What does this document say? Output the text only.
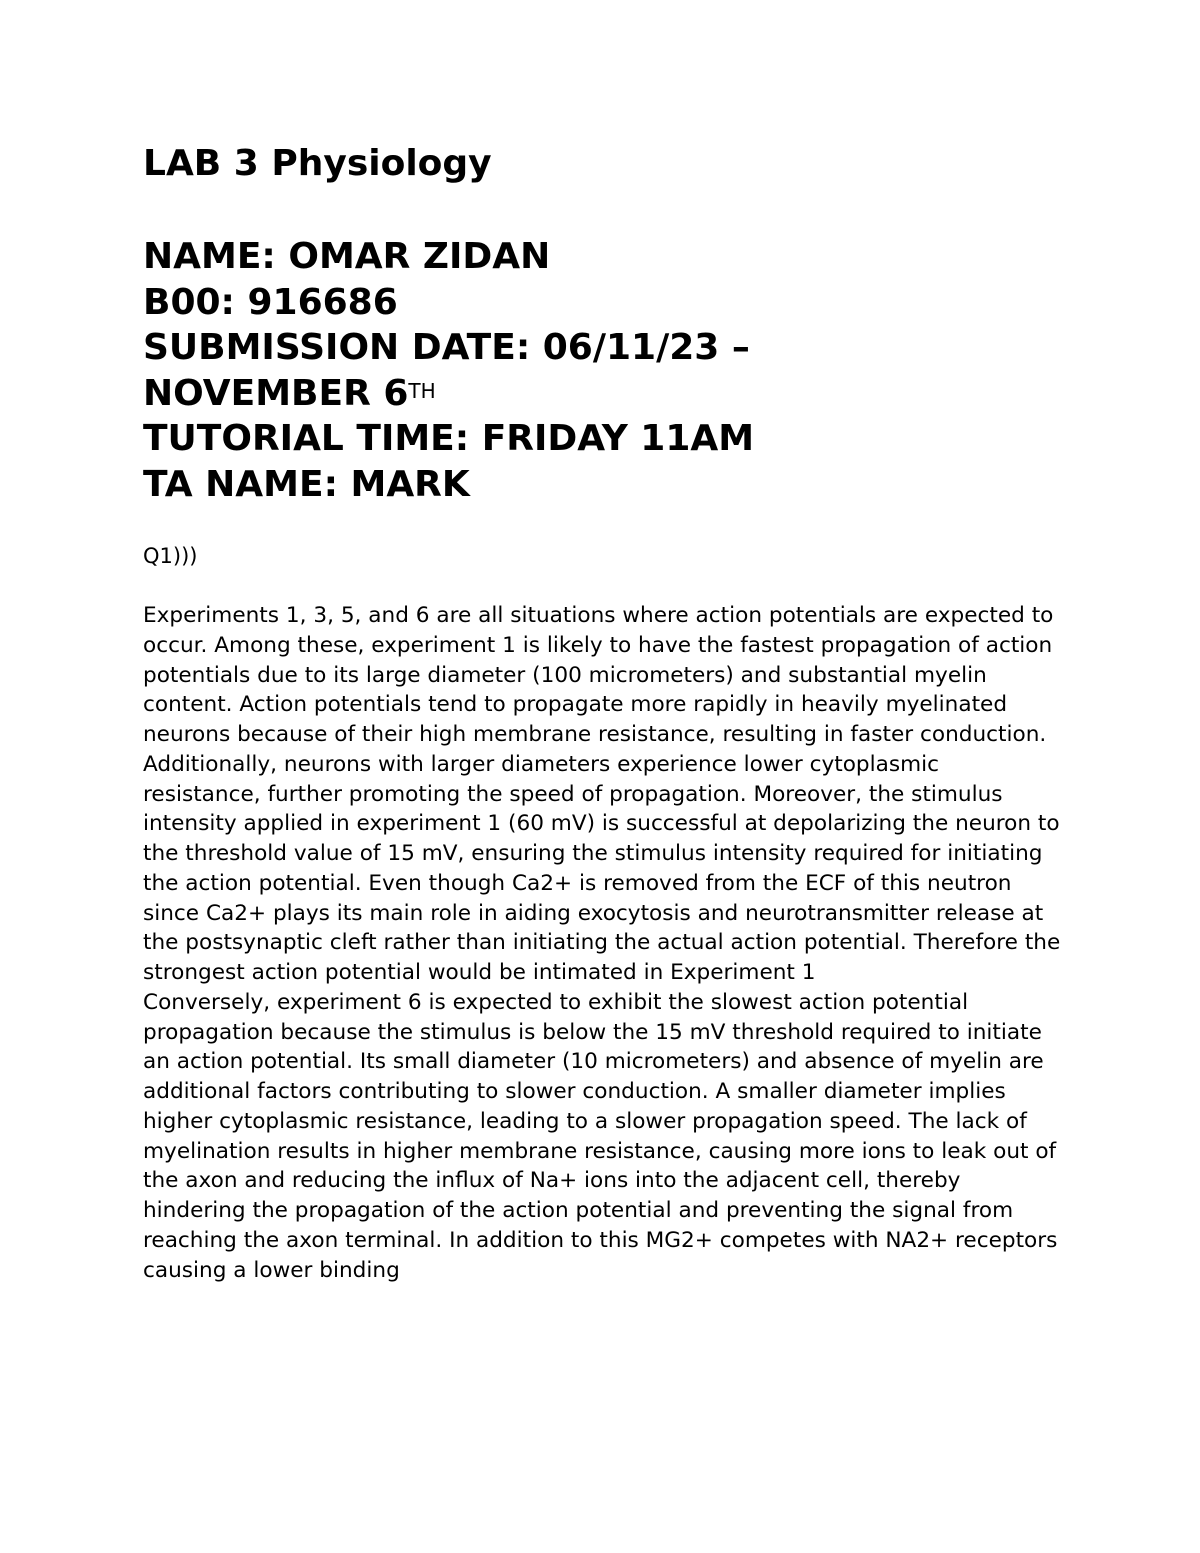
LAB 3 Physiology
NAME: OMAR ZIDAN
B00: 916686
SUBMISSION DATE: 06/11/23 –
NOVEMBER 6TH
TUTORIAL TIME: FRIDAY 11AM
TA NAME: MARK
Q1)))

Experiments 1, 3, 5, and 6 are all situations where action potentials are expected to occur. Among these, experiment 1 is likely to have the fastest propagation of action potentials due to its large diameter (100 micrometers) and substantial myelin content. Action potentials tend to propagate more rapidly in heavily myelinated neurons because of their high membrane resistance, resulting in faster conduction. Additionally, neurons with larger diameters experience lower cytoplasmic resistance, further promoting the speed of propagation. Moreover, the stimulus intensity applied in experiment 1 (60 mV) is successful at depolarizing the neuron to the threshold value of 15 mV, ensuring the stimulus intensity required for initiating the action potential. Even though Ca2+ is removed from the ECF of this neutron since Ca2+ plays its main role in aiding exocytosis and neurotransmitter release at the postsynaptic cleft rather than initiating the actual action potential. Therefore the strongest action potential would be intimated in Experiment 1

Conversely, experiment 6 is expected to exhibit the slowest action potential propagation because the stimulus is below the 15 mV threshold required to initiate an action potential. Its small diameter (10 micrometers) and absence of myelin are additional factors contributing to slower conduction. A smaller diameter implies higher cytoplasmic resistance, leading to a slower propagation speed. The lack of myelination results in higher membrane resistance, causing more ions to leak out of the axon and reducing the influx of Na+ ions into the adjacent cell, thereby hindering the propagation of the action potential and preventing the signal from reaching the axon terminal. In addition to this MG2+ competes with NA2+ receptors causing a lower binding
